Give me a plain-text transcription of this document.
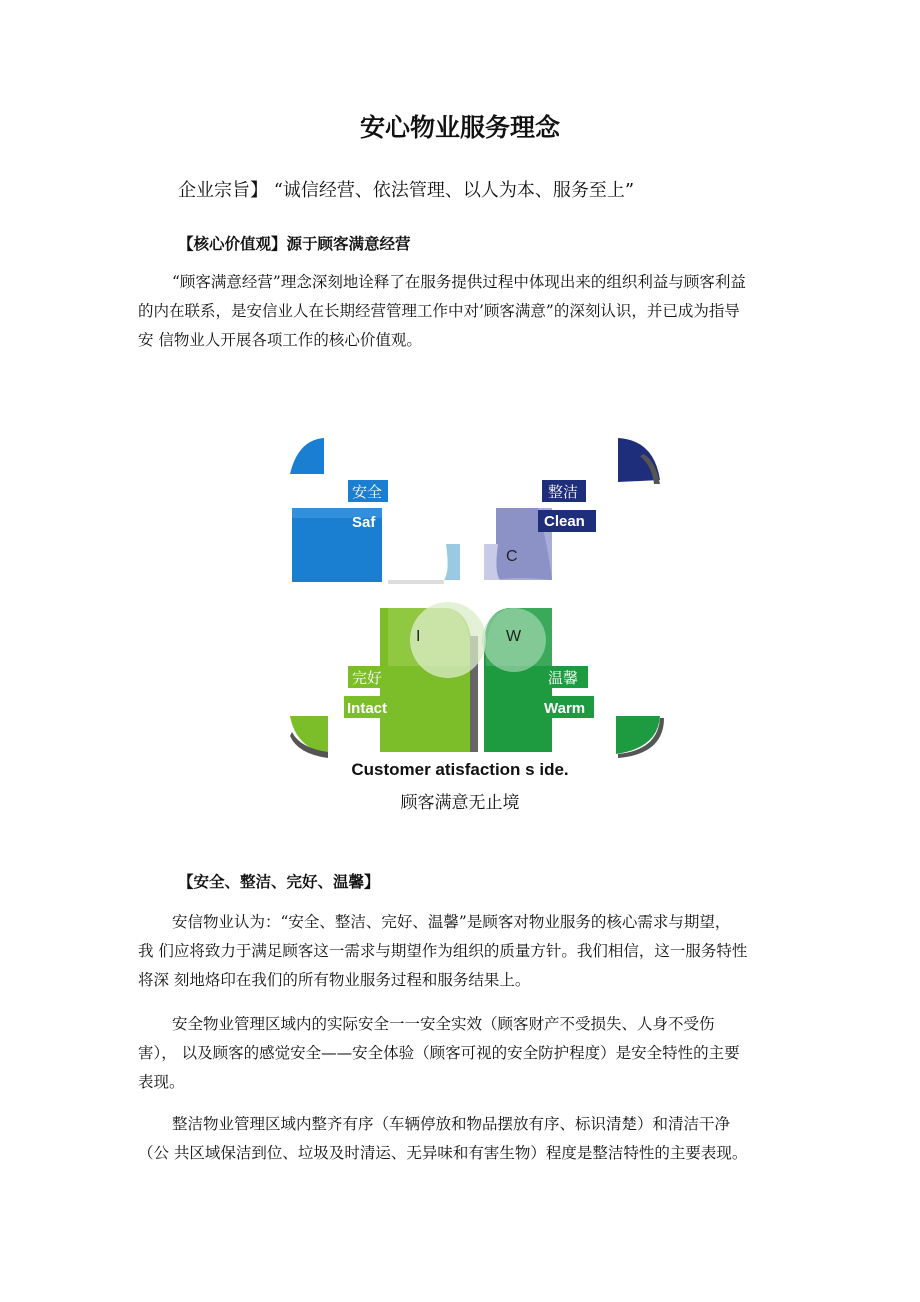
安心物业服务理念
企业宗旨】 “诚信经营、依法管理、以人为本、服务至上”
【核心价值观】源于顾客满意经营
“顾客满意经营”理念深刻地诠释了在服务提供过程中体现出来的组织利益与顾客利益
的内在联系，是安信业人在长期经营管理工作中对’顾客满意”的深刻认识，并已成为指导
安 信物业人开展各项工作的核心价值观。
I	W
C
安全
Saf
整洁
Clean
完好
Intact
温馨
Warm
Customer atisfaction s ide.
顾客满意无止境
【安全、整洁、完好、温馨】
安信物业认为：“安全、整洁、完好、温馨”是顾客对物业服务的核心需求与期望，
我 们应将致力于满足顾客这一需求与期望作为组织的质量方针。我们相信，这一服务特性
将深 刻地烙印在我们的所有物业服务过程和服务结果上。
安全物业管理区域内的实际安全一一安全实效（顾客财产不受损失、人身不受伤
害）， 以及顾客的感觉安全——安全体验（顾客可视的安全防护程度）是安全特性的主要
表现。
整洁物业管理区域内整齐有序（车辆停放和物品摆放有序、标识清楚）和清洁干净
（公 共区域保洁到位、垃圾及时清运、无异味和有害生物）程度是整洁特性的主要表现。
